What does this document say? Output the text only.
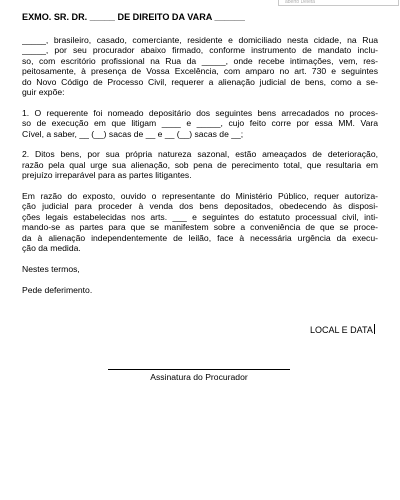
aberto Deleta
EXMO. SR. DR. _____ DE DIREITO DA VARA ______

_____, brasileiro, casado, comerciante, residente e domiciliado nesta cidade, na Rua
_____, por seu procurador abaixo firmado, conforme instrumento de mandato inclu-
so, com escritório profissional na Rua da _____, onde recebe intimações, vem, res-
peitosamente, à presença de Vossa Excelência, com amparo no art. 730 e seguintes
do Novo Código de Processo Civil, requerer a alienação judicial de bens, como a se-
guir expõe:

1. O requerente foi nomeado depositário dos seguintes bens arrecadados no proces-
so de execução em que litigam ____ e _____, cujo feito corre por essa MM. Vara
Cível, a saber, __ (__) sacas de __ e __ (__) sacas de __;

2. Ditos bens, por sua própria natureza sazonal, estão ameaçados de deterioração,
razão pela qual urge sua alienação, sob pena de perecimento total, que resultaria em
prejuízo irreparável para as partes litigantes.

Em razão do exposto, ouvido o representante do Ministério Público, requer autoriza-
ção judicial para proceder à venda dos bens depositados, obedecendo às disposi-
ções legais estabelecidas nos arts. ___ e seguintes do estatuto processual civil, inti-
mando-se as partes para que se manifestem sobre a conveniência de que se proce-
da à alienação independentemente de leilão, face à necessária urgência da execu-
ção da medida.

Nestes termos,

Pede deferimento.

LOCAL E DATA
Assinatura do Procurador
